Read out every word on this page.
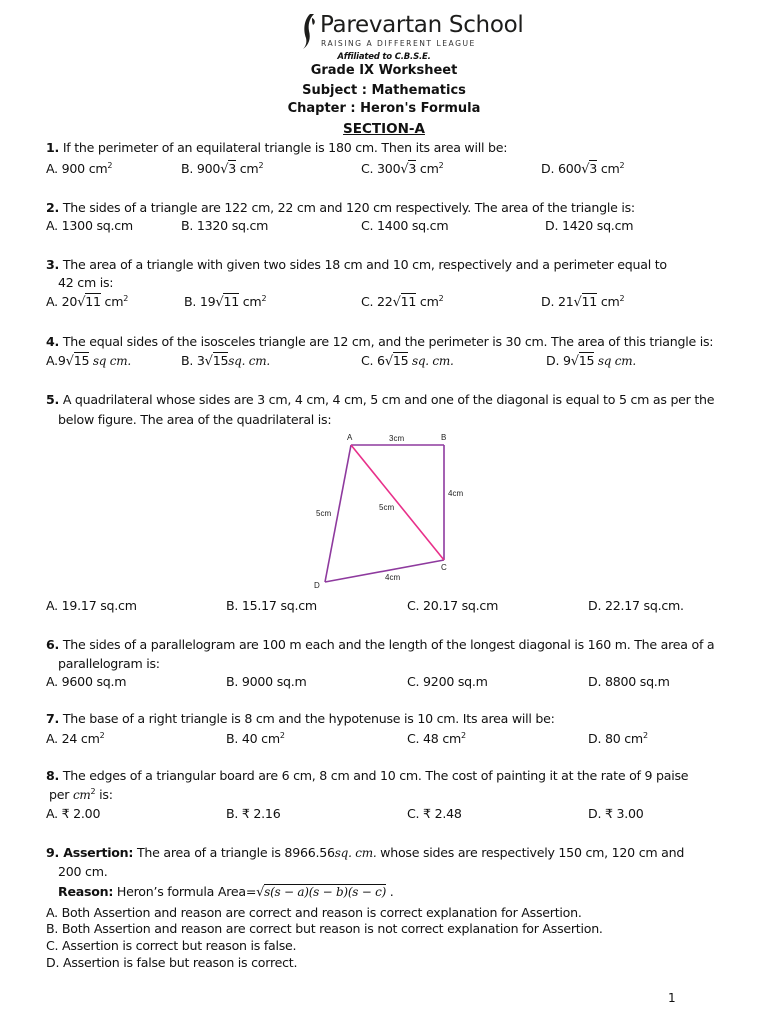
Parevartan School
RAISING A DIFFERENT LEAGUE
Affiliated to C.B.S.E.
Grade IX Worksheet
Subject : Mathematics
Chapter : Heron's Formula
SECTION-A
1. If the perimeter of an equilateral triangle is 180 cm. Then its area will be:
A. 900 $cm^2$	B. 900√3 $cm^2$	C. 300√3 $cm^2$	D. 600√3 $cm^2$
2. The sides of a triangle are 122 cm, 22 cm and 120 cm respectively. The area of the triangle is:
A. 1300 sq.cm	B. 1320 sq.cm	C. 1400 sq.cm	D. 1420 sq.cm
3. The area of a triangle with given two sides 18 cm and 10 cm, respectively and a perimeter equal to
42 cm is:
A. 20√11 $cm^2$	B. 19√11 $cm^2$	C. 22√11 $cm^2$	D. 21√11 $cm^2$
4. The equal sides of the isosceles triangle are 12 cm, and the perimeter is 30 cm. The area of this triangle is:
A.9√15 sq cm.	B. 3√15sq. cm.	C. 6√15 sq. cm.	D. 9√15 sq cm.
5. A quadrilateral whose sides are 3 cm, 4 cm, 4 cm, 5 cm and one of the diagonal is equal to 5 cm as per the
below figure. The area of the quadrilateral is:
A	B
C
D
3cm
4cm
5cm
5cm
4cm
A. 19.17 sq.cm	B. 15.17 sq.cm	C. 20.17 sq.cm	D. 22.17 sq.cm.
6. The sides of a parallelogram are 100 m each and the length of the longest diagonal is 160 m. The area of a
parallelogram is:
A. 9600 sq.m	B. 9000 sq.m	C. 9200 sq.m	D. 8800 sq.m
7. The base of a right triangle is 8 cm and the hypotenuse is 10 cm. Its area will be:
A. 24 $cm^2$	B. 40 $cm^2$	C. 48 $cm^2$	D. 80 $cm^2$
8. The edges of a triangular board are 6 cm, 8 cm and 10 cm. The cost of painting it at the rate of 9 paise
per $cm^2$ is:
A. ₹ 2.00	B. ₹ 2.16	C. ₹ 2.48	D. ₹ 3.00
9. Assertion: The area of a triangle is 8966.56sq. cm. whose sides are respectively 150 cm, 120 cm and
200 cm.
Reason: Heron’s formula Area=√s(s − a)(s − b)(s − c) .
A. Both Assertion and reason are correct and reason is correct explanation for Assertion.
B. Both Assertion and reason are correct but reason is not correct explanation for Assertion.
C. Assertion is correct but reason is false.
D. Assertion is false but reason is correct.
1
